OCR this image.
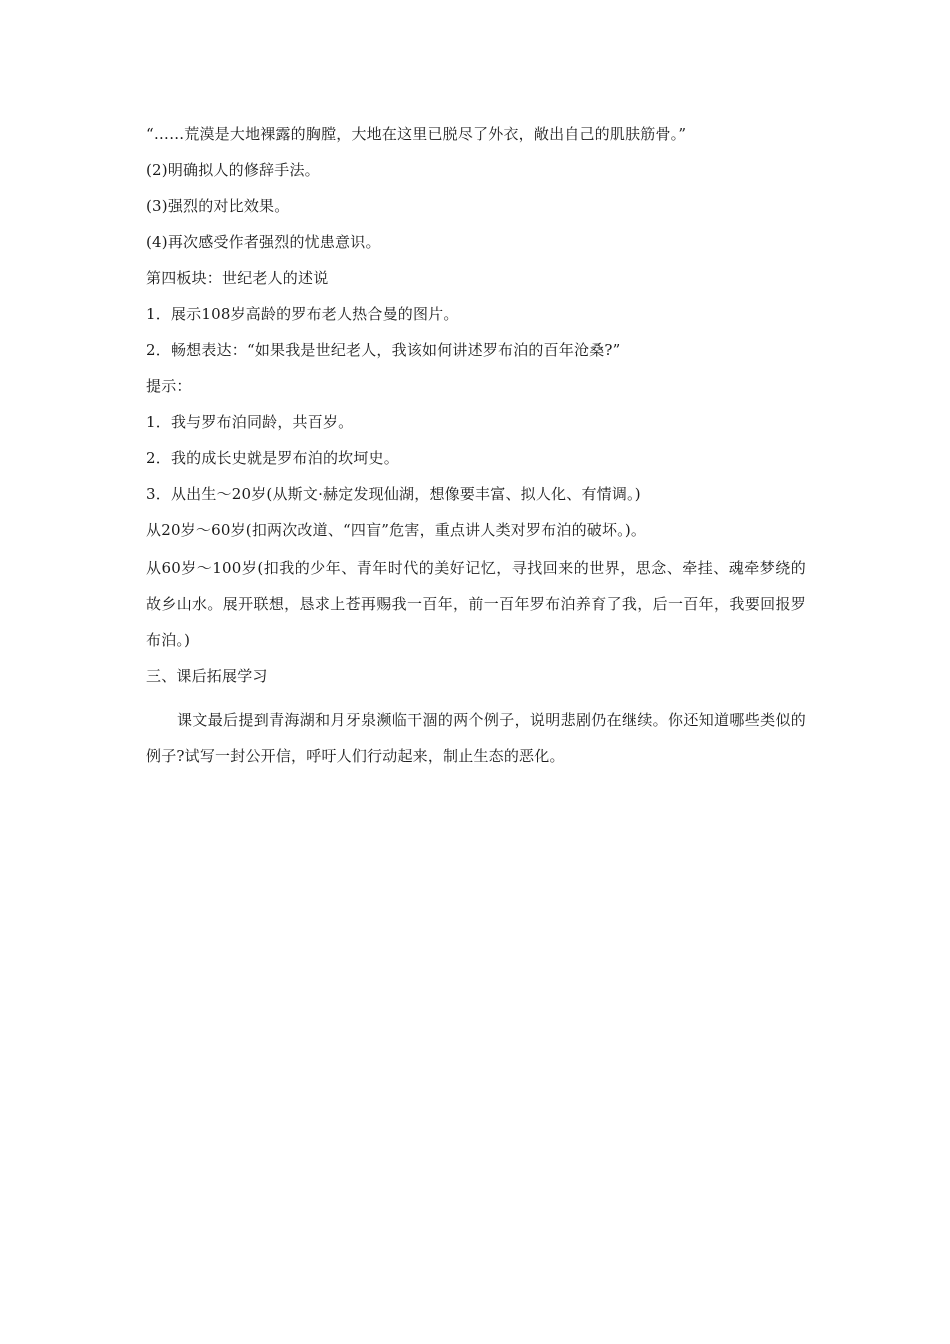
“……荒漠是大地裸露的胸膛，大地在这里已脱尽了外衣，敞出自己的肌肤筋骨。”

(2)明确拟人的修辞手法。

(3)强烈的对比效果。

(4)再次感受作者强烈的忧患意识。

第四板块：世纪老人的述说

1．展示108岁高龄的罗布老人热合曼的图片。

2．畅想表达：“如果我是世纪老人，我该如何讲述罗布泊的百年沧桑?”

提示：

1．我与罗布泊同龄，共百岁。

2．我的成长史就是罗布泊的坎坷史。

3．从出生～20岁(从斯文·赫定发现仙湖，想像要丰富、拟人化、有情调。)

从20岁～60岁(扣两次改道、“四盲”危害，重点讲人类对罗布泊的破坏。)。

从60岁～100岁(扣我的少年、青年时代的美好记忆，寻找回来的世界，思念、牵挂、魂牵梦绕的故乡山水。展开联想，恳求上苍再赐我一百年，前一百年罗布泊养育了我，后一百年，我要回报罗布泊。)

三、课后拓展学习

课文最后提到青海湖和月牙泉濒临干涸的两个例子，说明悲剧仍在继续。你还知道哪些类似的例子?试写一封公开信，呼吁人们行动起来，制止生态的恶化。
